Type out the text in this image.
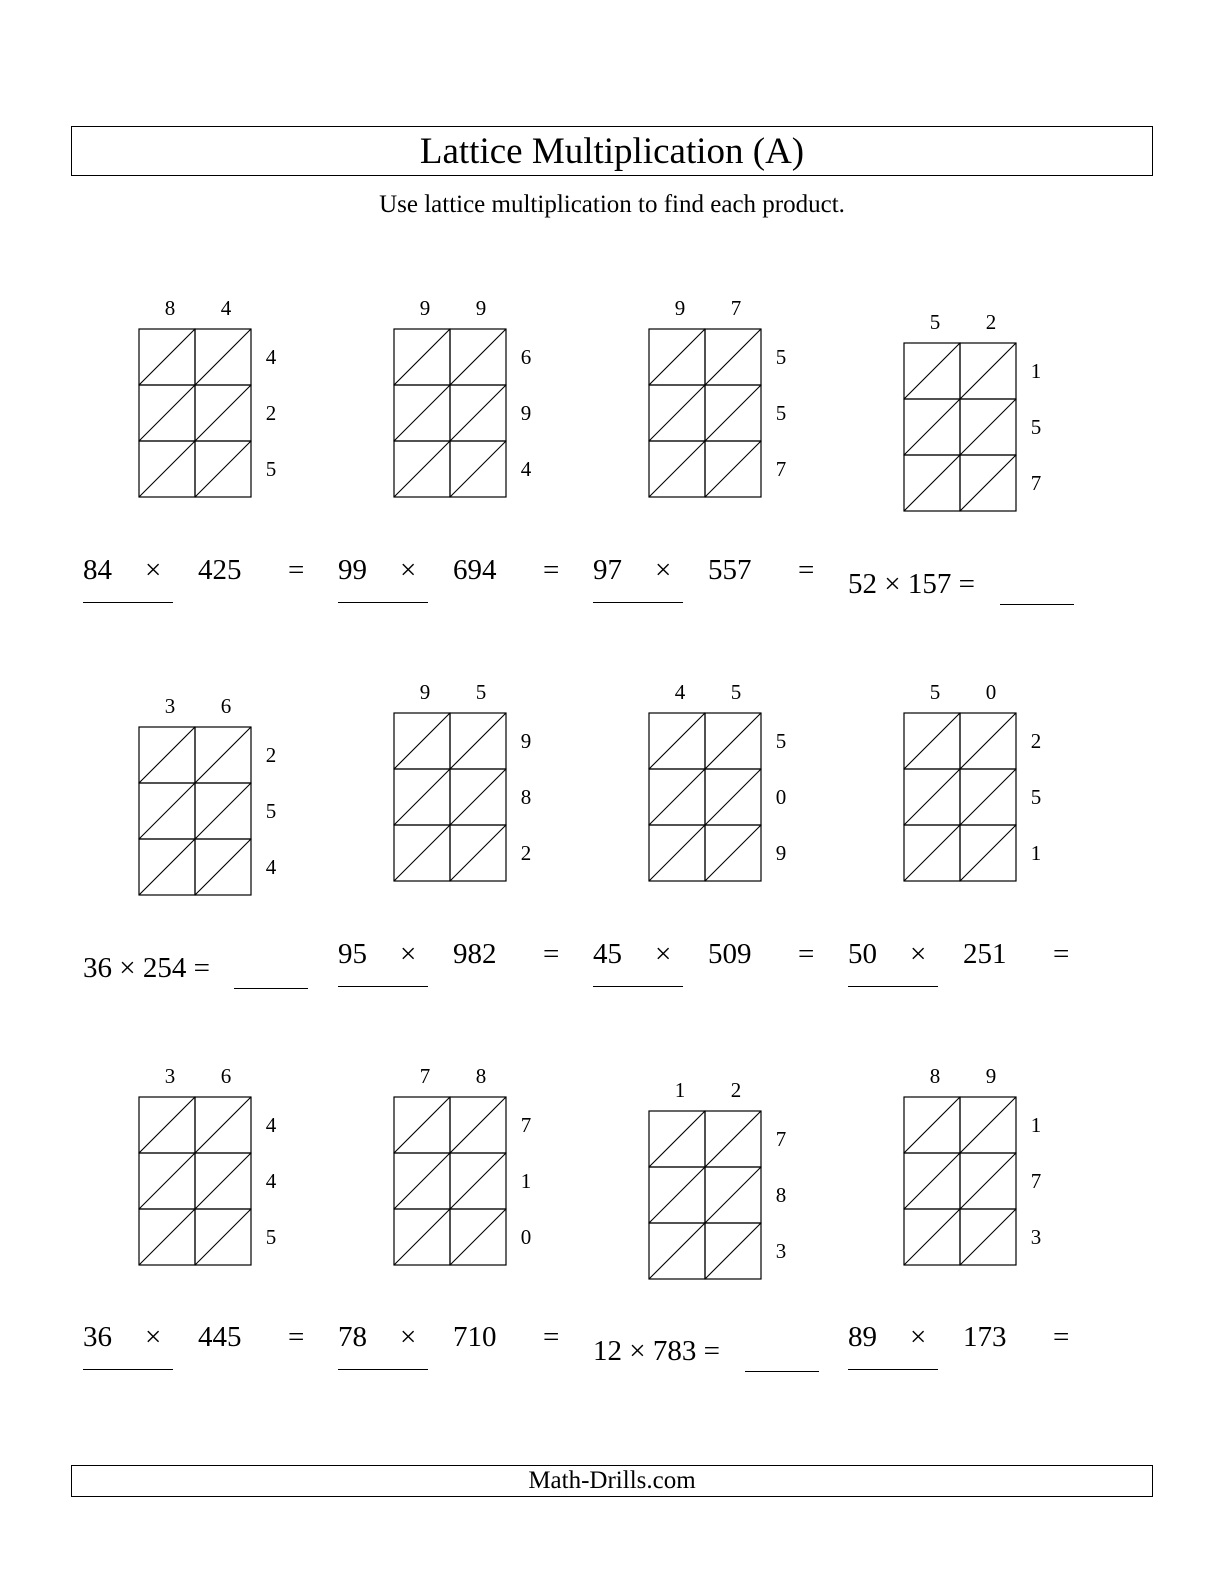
Lattice Multiplication (A)
Use lattice multiplication to find each product.
8 4
4
2
5
84 × 425 =
9 9
6
9
4
99 × 694 =
9 7
5
5
7
97 × 557 =
5 2
1
5
7
52 × 157 =
3 6
2
5
4
36 × 254 =
9 5
9
8
2
95 × 982 =
4 5
5
0
9
45 × 509 =
5 0
2
5
1
50 × 251 =
3 6
4
4
5
36 × 445 =
7 8
7
1
0
78 × 710 =
1 2
7
8
3
12 × 783 =
8 9
1
7
3
89 × 173 =
Math-Drills.com
